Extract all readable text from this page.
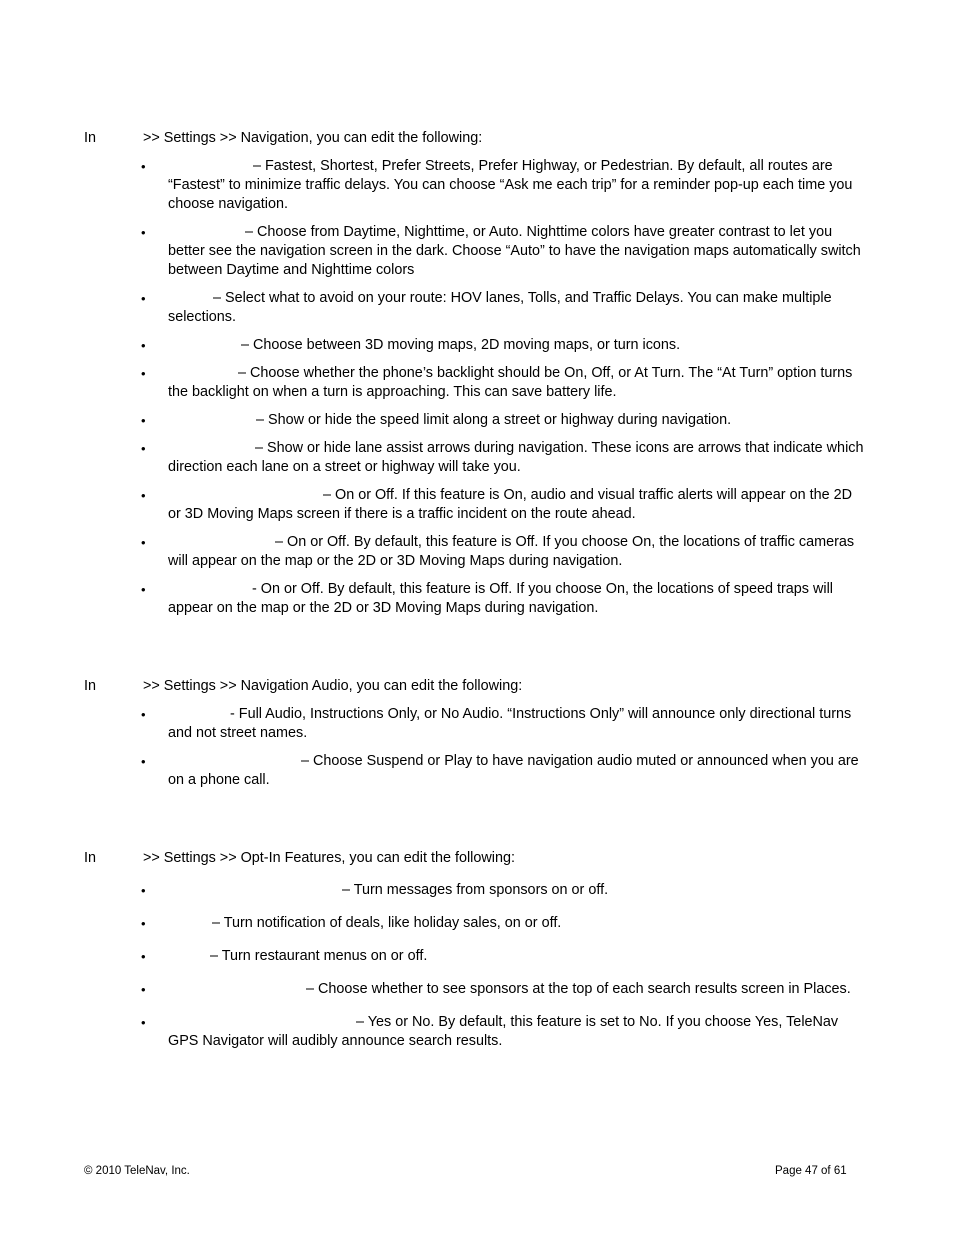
In	>> Settings >> Navigation, you can edit the following:
•	– Fastest, Shortest, Prefer Streets, Prefer Highway, or Pedestrian. By default, all routes are “Fastest” to minimize traffic delays. You can choose “Ask me each trip” for a reminder pop-up each time you choose navigation.
•	– Choose from Daytime, Nighttime, or Auto. Nighttime colors have greater contrast to let you better see the navigation screen in the dark. Choose “Auto” to have the navigation maps automatically switch between Daytime and Nighttime colors
•	– Select what to avoid on your route: HOV lanes, Tolls, and Traffic Delays. You can make multiple selections.
•	– Choose between 3D moving maps, 2D moving maps, or turn icons.
•	– Choose whether the phone’s backlight should be On, Off, or At Turn. The “At Turn” option turns the backlight on when a turn is approaching. This can save battery life.
•	– Show or hide the speed limit along a street or highway during navigation.
•	– Show or hide lane assist arrows during navigation. These icons are arrows that indicate which direction each lane on a street or highway will take you.
•	– On or Off. If this feature is On, audio and visual traffic alerts will appear on the 2D or 3D Moving Maps screen if there is a traffic incident on the route ahead.
•	– On or Off. By default, this feature is Off. If you choose On, the locations of traffic cameras will appear on the map or the 2D or 3D Moving Maps during navigation.
•	- On or Off. By default, this feature is Off. If you choose On, the locations of speed traps will appear on the map or the 2D or 3D Moving Maps during navigation.
In	>> Settings >> Navigation Audio, you can edit the following:
•	- Full Audio, Instructions Only, or No Audio. “Instructions Only” will announce only directional turns and not street names.
•	– Choose Suspend or Play to have navigation audio muted or announced when you are on a phone call.
In	>> Settings >> Opt-In Features, you can edit the following:
•	– Turn messages from sponsors on or off.
•	– Turn notification of deals, like holiday sales, on or off.
•	– Turn restaurant menus on or off.
•	– Choose whether to see sponsors at the top of each search results screen in Places.
•	– Yes or No. By default, this feature is set to No. If you choose Yes, TeleNav GPS Navigator will audibly announce search results.
© 2010 TeleNav, Inc.	Page 47 of 61
